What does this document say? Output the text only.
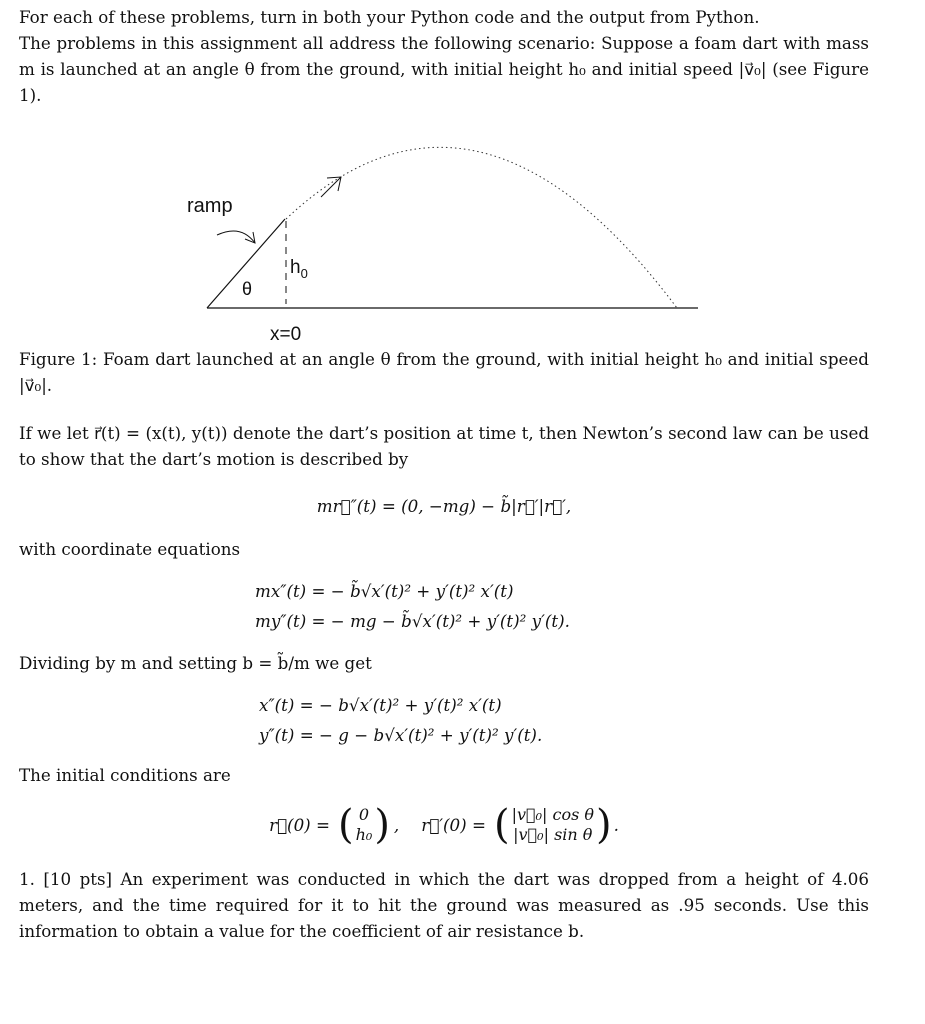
For each of these problems, turn in both your Python code and the output from Python.

The problems in this assignment all address the following scenario: Suppose a foam dart with mass m is launched at an angle θ from the ground, with initial height h₀ and initial speed |v⃗₀| (see Figure 1).

ramp
θ
$h_0$
x=0

Figure 1: Foam dart launched at an angle θ from the ground, with initial height h₀ and initial speed |v⃗₀|.

If we let r⃗(t) = (x(t), y(t)) denote the dart’s position at time t, then Newton’s second law can be used to show that the dart’s motion is described by

mr⃗″(t) = (0, −mg) − b̃|r⃗′|r⃗′,

with coordinate equations

mx″(t) = − b̃√x′(t)² + y′(t)² x′(t)

my″(t) = − mg − b̃√x′(t)² + y′(t)² y′(t).

Dividing by m and setting b = b̃/m we get

x″(t) = − b√x′(t)² + y′(t)² x′(t)

y″(t) = − g − b√x′(t)² + y′(t)² y′(t).

The initial conditions are

r⃗(0) = ( 0
h₀ ) , r⃗′(0) = ( |v⃗₀| cos θ
|v⃗₀| sin θ ) .

1. [10 pts] An experiment was conducted in which the dart was dropped from a height of 4.06 meters, and the time required for it to hit the ground was measured as .95 seconds. Use this information to obtain a value for the coefficient of air resistance b.
